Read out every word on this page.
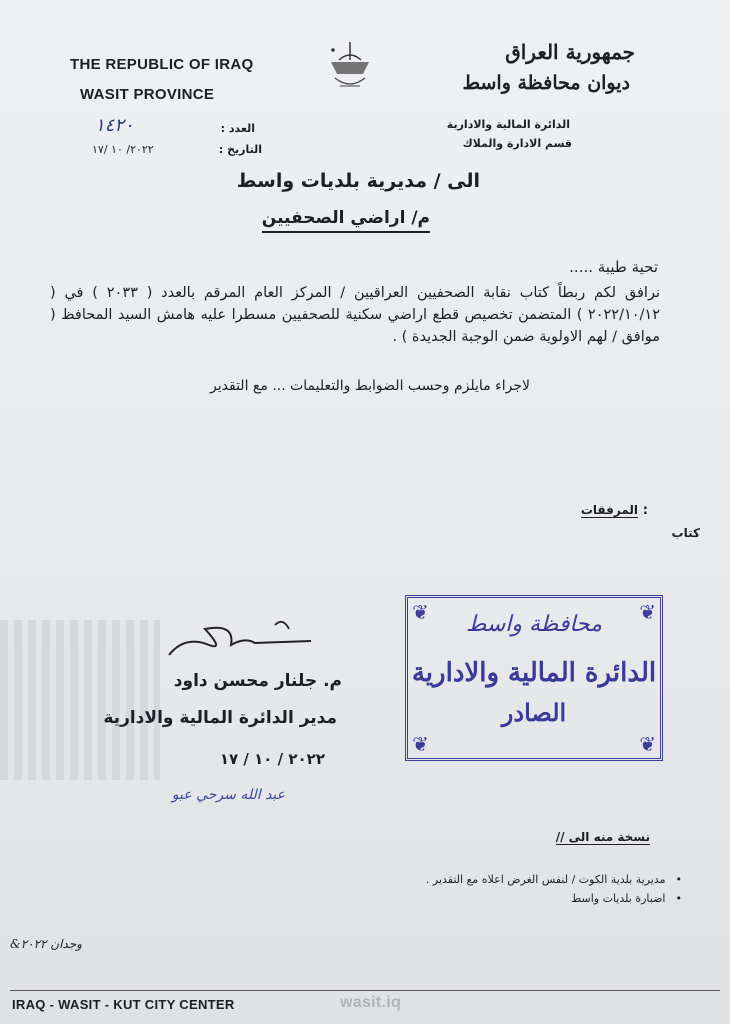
THE REPUBLIC OF IRAQ
WASIT PROVINCE
جمهورية العراق
ديوان محافظة واسط
الدائرة المالية والادارية
قسم الادارة والملاك
العدد :
١٤٢٠
التاريخ :
٢٠٢٢/ ١٠ /١٧
الى / مديرية بلديات واسط
م/ اراضي الصحفيين
تحية طيبة .....
نرافق لكم ربطاً كتاب نقابة الصحفيين العراقيين / المركز العام المرقم بالعدد ( ٢٠٣٣ ) في ( ٢٠٢٢/١٠/١٢ ) المتضمن تخصيص قطع اراضي سكنية للصحفيين مسطرا عليه هامش السيد المحافظ ( موافق / لهم الاولوية ضمن الوجبة الجديدة ) .
لاجراء مايلزم وحسب الضوابط والتعليمات ... مع التقدير
المرفقات :
كتاب
❦	❦
❦	❦
محافظة واسط
الدائرة المالية والادارية
الصادر
م. جلنار محسن داود
مدير الدائرة المالية والادارية
٢٠٢٢ / ١٠ / ١٧
عبد الله سرحي عبو
نسخة منه الى //
• مديرية بلدية الكوت / لنفس الغرض اعلاه مع التقدير .
• اضبارة بلديات واسط
وجدان ٢٠٢٢&
IRAQ - WASIT - KUT CITY CENTER	wasit.iq
